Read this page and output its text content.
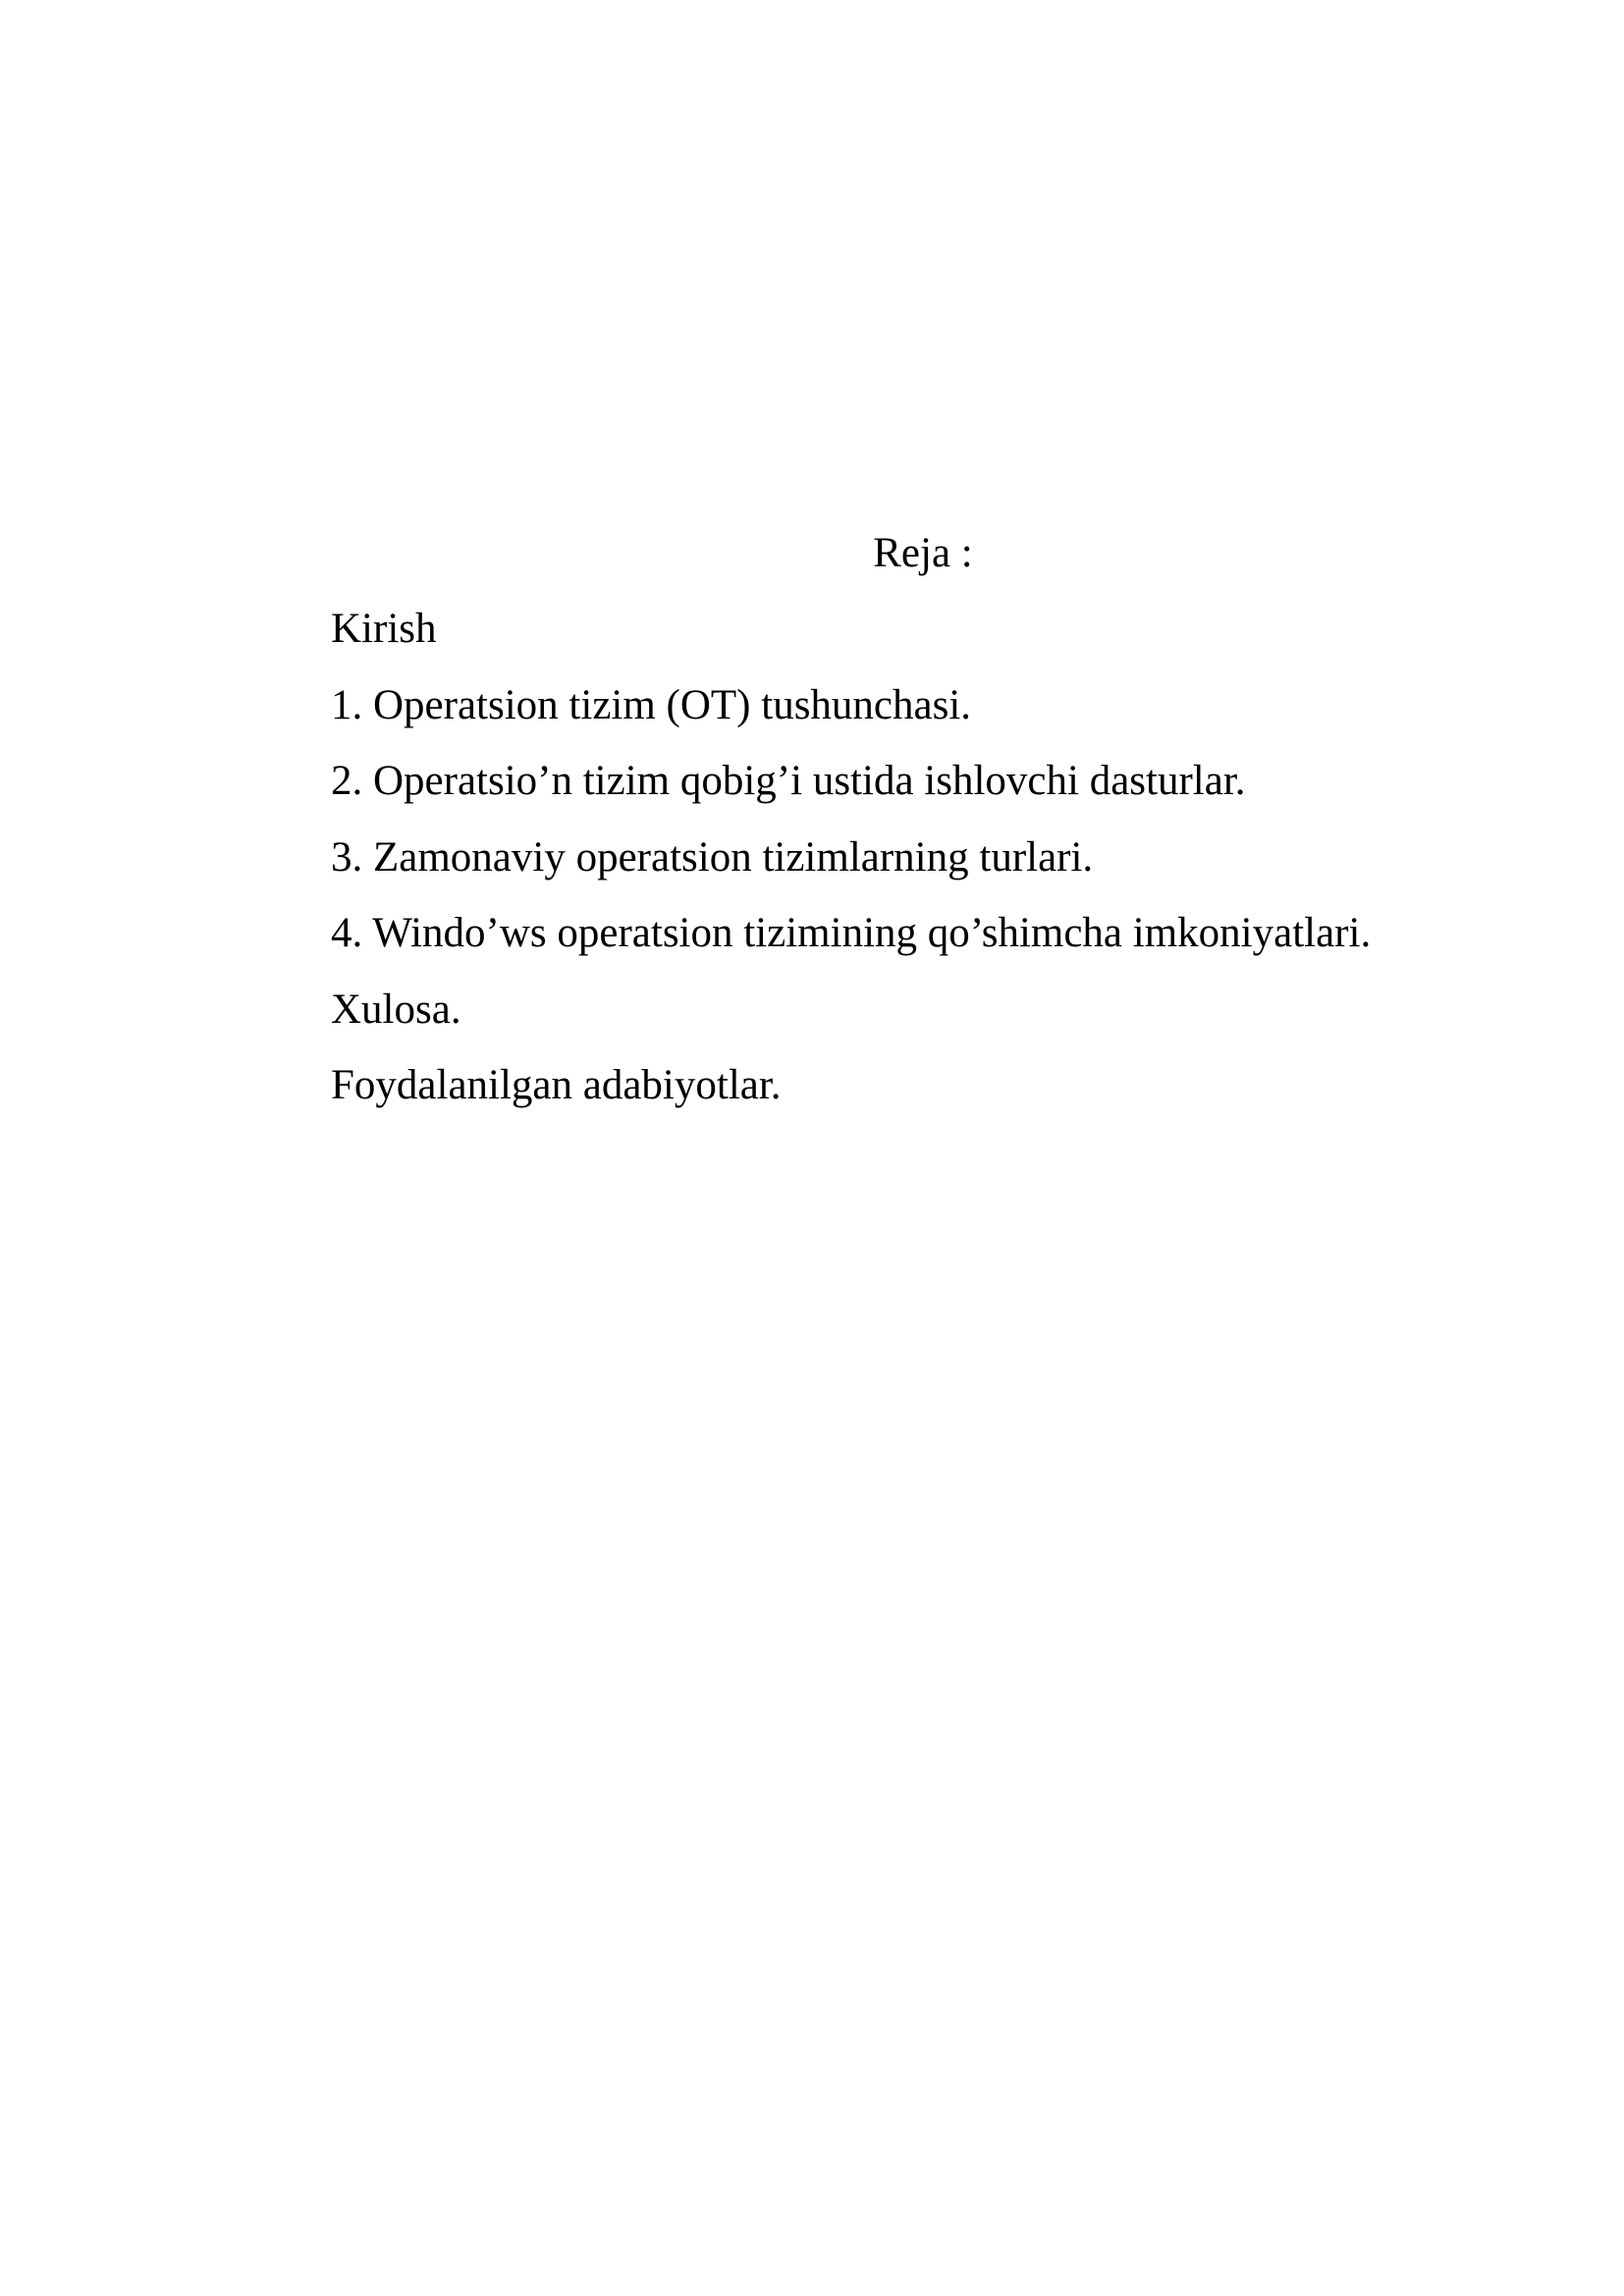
Reja :
Kirish
1. Operatsion tizim (OT) tushunchasi.
2. Operatsio’n tizim qobig’i ustida ishlovchi dasturlar.
3. Zamonaviy operatsion tizimlarning turlari.
4. Windo’ws operatsion tizimining qo’shimcha imkoniyatlari.
Xulosa.
Foydalanilgan adabiyotlar.
